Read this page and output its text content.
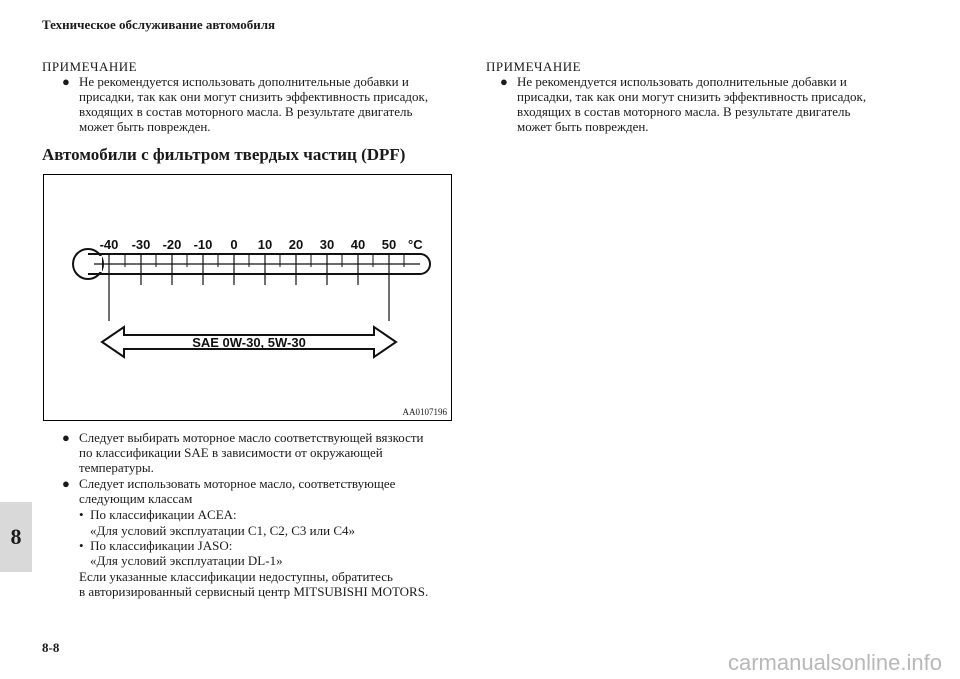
Техническое обслуживание автомобиля
ПРИМЕЧАНИЕ
● Не рекомендуется использовать дополнительные добавки и
присадки, так как они могут снизить эффективность присадок,
входящих в состав моторного масла. В результате двигатель
может быть поврежден.
Автомобили с фильтром твердых частиц (DPF)
-40 -30 -20 -10 0 10 20 30 40 50 °C
SAE 0W-30, 5W-30
AA0107196
● Следует выбирать моторное масло соответствующей вязкости
по классификации SAE в зависимости от окружающей
температуры.
● Следует использовать моторное масло, соответствующее
следующим классам
•  По классификации ACEA:
«Для условий эксплуатации C1, C2, C3 или C4»
•  По классификации JASO:
«Для условий эксплуатации DL-1»
Если указанные классификации недоступны, обратитесь
в авторизированный сервисный центр MITSUBISHI MOTORS.
ПРИМЕЧАНИЕ
● Не рекомендуется использовать дополнительные добавки и
присадки, так как они могут снизить эффективность присадок,
входящих в состав моторного масла. В результате двигатель
может быть поврежден.
8
8-8
carmanualsonline.info
